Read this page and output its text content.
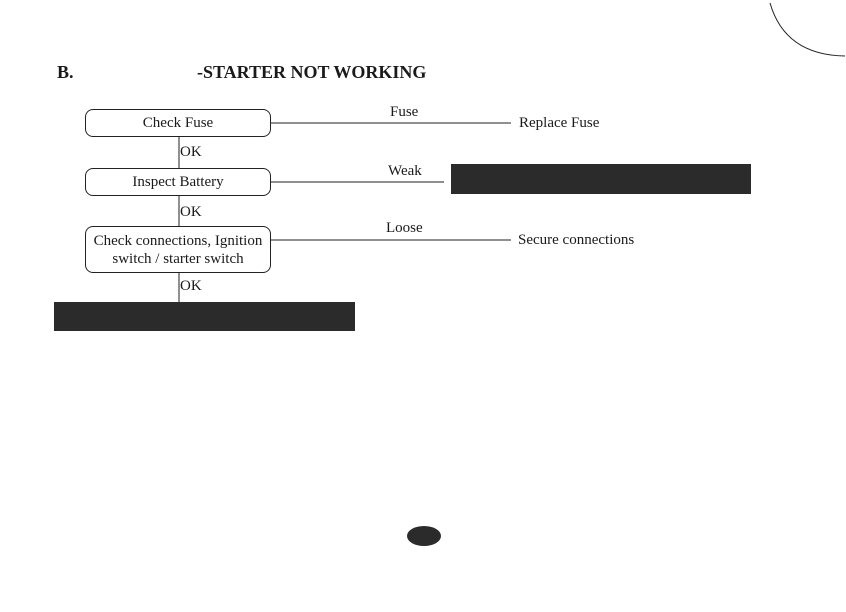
B.	-STARTER NOT WORKING
Check Fuse
Inspect Battery
Check connections, Ignition
switch / starter switch
OK
OK
OK
Fuse
Weak
Loose
Replace Fuse
Secure connections
